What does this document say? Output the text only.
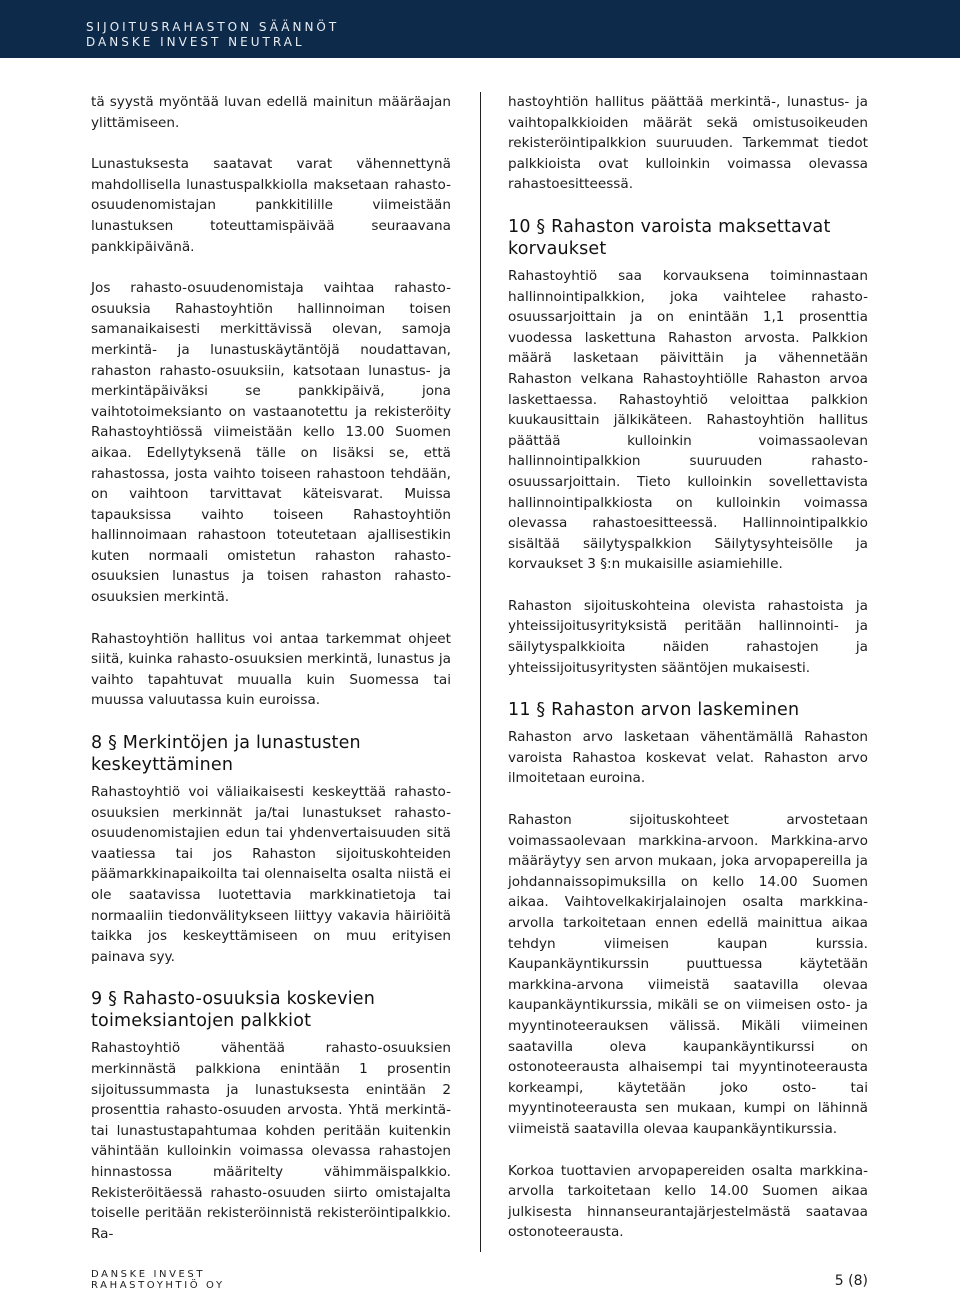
SIJOITUSRAHASTON SÄÄNNÖT
DANSKE INVEST NEUTRAL

tä syystä myöntää luvan edellä mainitun määräajan ylittämiseen.

Lunastuksesta saatavat varat vähennettynä mahdollisella lunastuspalkkiolla maksetaan rahasto-osuudenomistajan pankkitilille viimeistään lunastuksen toteuttamispäivää seuraavana pankkipäivänä.

Jos rahasto-osuudenomistaja vaihtaa rahasto-osuuksia Rahastoyhtiön hallinnoiman toisen samanaikaisesti merkittävissä olevan, samoja merkintä- ja lunastuskäytäntöjä noudattavan, rahaston rahasto-osuuksiin, katsotaan lunastus- ja merkintäpäiväksi se pankkipäivä, jona vaihtotoimeksianto on vastaanotettu ja rekisteröity Rahastoyhtiössä viimeistään kello 13.00 Suomen aikaa. Edellytyksenä tälle on lisäksi se, että rahastossa, josta vaihto toiseen rahastoon tehdään, on vaihtoon tarvittavat käteisvarat. Muissa tapauksissa vaihto toiseen Rahastoyhtiön hallinnoimaan rahastoon toteutetaan ajallisestikin kuten normaali omistetun rahaston rahasto-osuuksien lunastus ja toisen rahaston rahasto-osuuksien merkintä.

Rahastoyhtiön hallitus voi antaa tarkemmat ohjeet siitä, kuinka rahasto-osuuksien merkintä, lunastus ja vaihto tapahtuvat muualla kuin Suomessa tai muussa valuutassa kuin euroissa.

8 § Merkintöjen ja lunastusten keskeyttäminen

Rahastoyhtiö voi väliaikaisesti keskeyttää rahasto-osuuksien merkinnät ja/tai lunastukset rahasto-osuudenomistajien edun tai yhdenvertaisuuden sitä vaatiessa tai jos Rahaston sijoituskohteiden päämarkkinapaikoilta tai olennaiselta osalta niistä ei ole saatavissa luotettavia markkinatietoja tai normaaliin tiedonvälitykseen liittyy vakavia häiriöitä taikka jos keskeyttämiseen on muu erityisen painava syy.

9 § Rahasto-osuuksia koskevien toimeksiantojen palkkiot

Rahastoyhtiö vähentää rahasto-osuuksien merkinnästä palkkiona enintään 1 prosentin sijoitussummasta ja lunastuksesta enintään 2 prosenttia rahasto-osuuden arvosta. Yhtä merkintä- tai lunastustapahtumaa kohden peritään kuitenkin vähintään kulloinkin voimassa olevassa rahastojen hinnastossa määritelty vähimmäispalkkio. Rekisteröitäessä rahasto-osuuden siirto omistajalta toiselle peritään rekisteröinnistä rekisteröintipalkkio. Ra-

hastoyhtiön hallitus päättää merkintä-, lunastus- ja vaihtopalkkioiden määrät sekä omistusoikeuden rekisteröintipalkkion suuruuden. Tarkemmat tiedot palkkioista ovat kulloinkin voimassa olevassa rahastoesitteessä.

10 § Rahaston varoista maksettavat korvaukset

Rahastoyhtiö saa korvauksena toiminnastaan hallinnointipalkkion, joka vaihtelee rahasto-osuussarjoittain ja on enintään 1,1 prosenttia vuodessa laskettuna Rahaston arvosta. Palkkion määrä lasketaan päivittäin ja vähennetään Rahaston velkana Rahastoyhtiölle Rahaston arvoa laskettaessa. Rahastoyhtiö veloittaa palkkion kuukausittain jälkikäteen. Rahastoyhtiön hallitus päättää kulloinkin voimassaolevan hallinnointipalkkion suuruuden rahasto-osuussarjoittain. Tieto kulloinkin sovellettavista hallinnointipalkkiosta on kulloinkin voimassa olevassa rahastoesitteessä. Hallinnointipalkkio sisältää säilytyspalkkion Säilytysyhteisölle ja korvaukset 3 §:n mukaisille asiamiehille.

Rahaston sijoituskohteina olevista rahastoista ja yhteissijoitusyrityksistä peritään hallinnointi- ja säilytyspalkkioita näiden rahastojen ja yhteissijoitusyritysten sääntöjen mukaisesti.

11 § Rahaston arvon laskeminen

Rahaston arvo lasketaan vähentämällä Rahaston varoista Rahastoa koskevat velat. Rahaston arvo ilmoitetaan euroina.

Rahaston sijoituskohteet arvostetaan voimassaolevaan markkina-arvoon. Markkina-arvo määräytyy sen arvon mukaan, joka arvopapereilla ja johdannaissopimuksilla on kello 14.00 Suomen aikaa. Vaihtovelkakirjalainojen osalta markkina-arvolla tarkoitetaan ennen edellä mainittua aikaa tehdyn viimeisen kaupan kurssia. Kaupankäyntikurssin puuttuessa käytetään markkina-arvona viimeistä saatavilla olevaa kaupankäyntikurssia, mikäli se on viimeisen osto- ja myyntinoteerauksen välissä. Mikäli viimeinen saatavilla oleva kaupankäyntikurssi on ostonoteerausta alhaisempi tai myyntinoteerausta korkeampi, käytetään joko osto- tai myyntinoteerausta sen mukaan, kumpi on lähinnä viimeistä saatavilla olevaa kaupankäyntikurssia.

Korkoa tuottavien arvopapereiden osalta markkina-arvolla tarkoitetaan kello 14.00 Suomen aikaa julkisesta hinnanseurantajärjestelmästä saatavaa ostonoteerausta.

DANSKE INVEST
RAHASTOYHTIÖ OY	5 (8)
